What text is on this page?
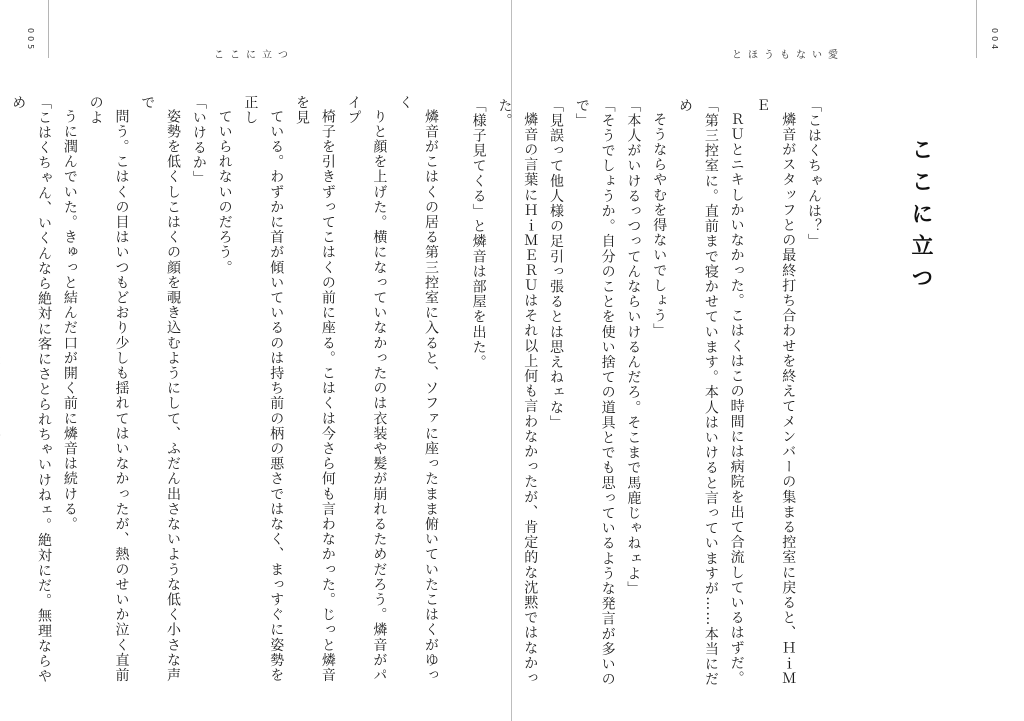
005
ここに立つ

燐音がこはくの居る第三控室に入ると、ソファに座ったまま俯いていたこはくがゆっく

りと顔を上げた。横になっていなかったのは衣装や髪が崩れるためだろう。燐音がパイプ

椅子を引きずってこはくの前に座る。こはくは今さら何も言わなかった。じっと燐音を見

ている。わずかに首が傾いているのは持ち前の柄の悪さではなく、まっすぐに姿勢を正し

ていられないのだろう。

「いけるか」

姿勢を低くしこはくの顔を覗き込むようにして、ふだん出さないような低く小さな声で

問う。こはくの目はいつもどおり少しも揺れてはいなかったが、熱のせいか泣く直前のよ

うに潤んでいた。きゅっと結んだ口が開く前に燐音は続ける。

「こはくちゃん、いくんなら絶対に客にさとられちゃいけねェ。絶対にだ。無理ならやめ

004
とほうもない愛
ここに立つ

「こはくちゃんは？」

燐音がスタッフとの最終打ち合わせを終えてメンバーの集まる控室に戻ると、ＨｉＭＥ

ＲＵとニキしかいなかった。こはくはこの時間には病院を出て合流しているはずだ。

「第三控室に。直前まで寝かせています。本人はいけると言っていますが……本当にだめ

そうならやむを得ないでしょう」

「本人がいけるっつってんならいけるんだろ。そこまで馬鹿じゃねェよ」

「そうでしょうか。自分のことを使い捨ての道具とでも思っているような発言が多いので」

「見誤って他人様の足引っ張るとは思えねェな」

燐音の言葉にＨｉＭＥＲＵはそれ以上何も言わなかったが、肯定的な沈黙ではなかった。

「様子見てくる」と燐音は部屋を出た。
